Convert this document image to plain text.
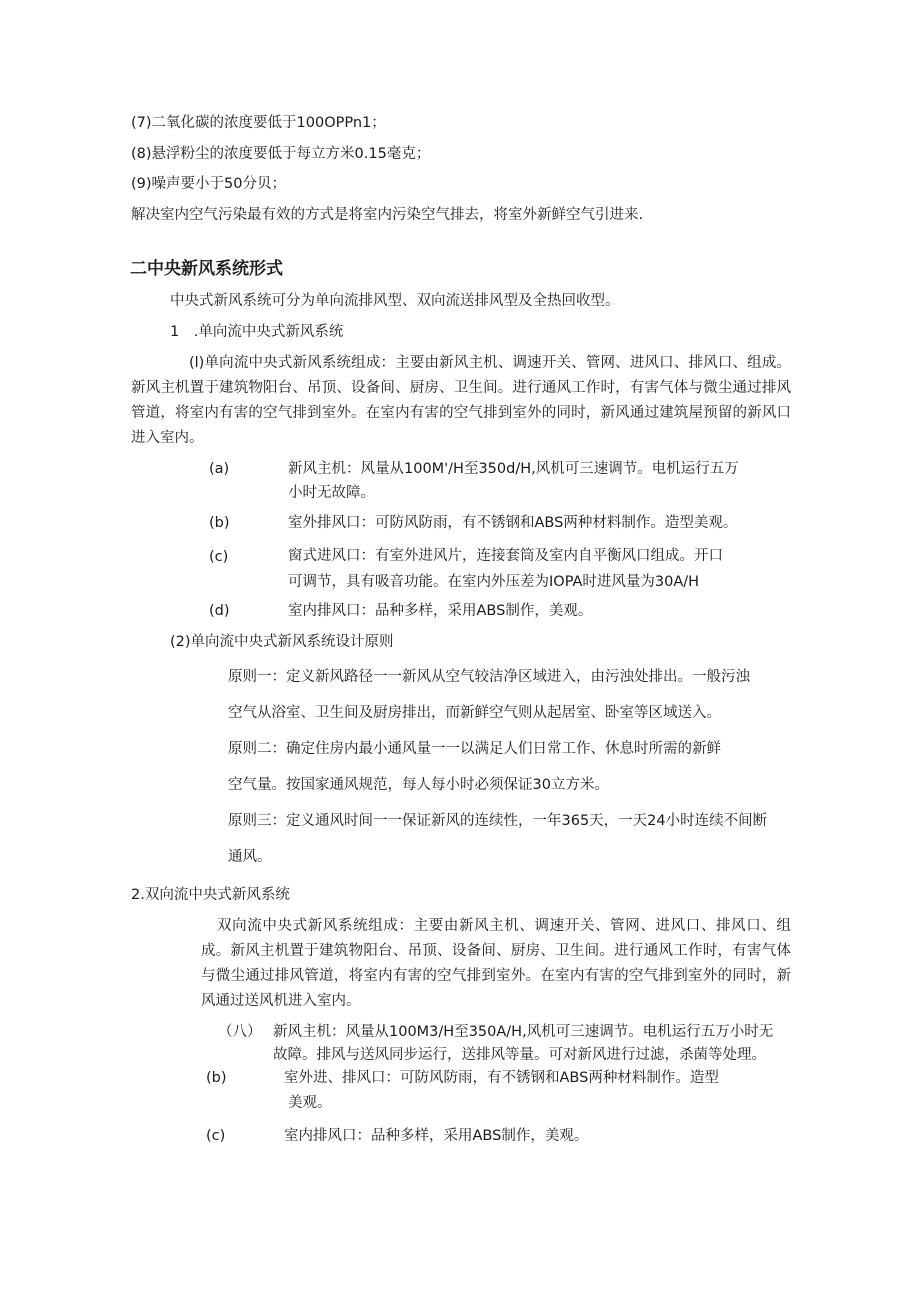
(7)二氧化碳的浓度要低于100OPPn1；
(8)悬浮粉尘的浓度要低于每立方米0.15毫克；
(9)噪声要小于50分贝；
解决室内空气污染最有效的方式是将室内污染空气排去，将室外新鲜空气引进来.
二中央新风系统形式
中央式新风系统可分为单向流排风型、双向流送排风型及全热回收型。
1　.单向流中央式新风系统
(l)单向流中央式新风系统组成：主要由新风主机、调速开关、管网、进风口、排风口、组成。新风主机置于建筑物阳台、吊顶、设备间、厨房、卫生间。进行通风工作时，有害气体与微尘通过排风管道，将室内有害的空气排到室外。在室内有害的空气排到室外的同时，新风通过建筑屋预留的新风口进入室内。
(a)	新风主机：风量从100M'/H至350d∕H,风机可三速调节。电机运行五万
小时无故障。
(b)	室外排风口：可防风防雨，有不锈钢和ABS两种材料制作。造型美观。
(c)	窗式进风口：有室外进风片，连接套筒及室内自平衡风口组成。开口
可调节，具有吸音功能。在室内外压差为IOPA时进风量为30A∕H
(d)	室内排风口：品种多样，采用ABS制作，美观。
(2)单向流中央式新风系统设计原则
原则一：定义新风路径一一新风从空气较洁净区域进入，由污浊处排出。一般污浊
空气从浴室、卫生间及厨房排出，而新鲜空气则从起居室、卧室等区域送入。
原则二：确定住房内最小通风量一一以满足人们日常工作、休息时所需的新鲜
空气量。按国家通风规范，每人每小时必须保证30立方米。
原则三：定义通风时间一一保证新风的连续性，一年365天，一天24小时连续不间断
通风。
2.双向流中央式新风系统
双向流中央式新风系统组成：主要由新风主机、调速开关、管网、进风口、排风口、组成。新风主机置于建筑物阳台、吊顶、设备间、厨房、卫生间。进行通风工作时，有害气体与微尘通过排风管道，将室内有害的空气排到室外。在室内有害的空气排到室外的同时，新风通过送风机进入室内。
（八） 新风主机：风量从100M3/H至350A∕H,风机可三速调节。电机运行五万小时无
故障。排风与送风同步运行，送排风等量。可对新风进行过滤，杀菌等处理。
(b)	室外进、排风口：可防风防雨，有不锈钢和ABS两种材料制作。造型
美观。
(c)	室内排风口：品种多样，采用ABS制作，美观。
